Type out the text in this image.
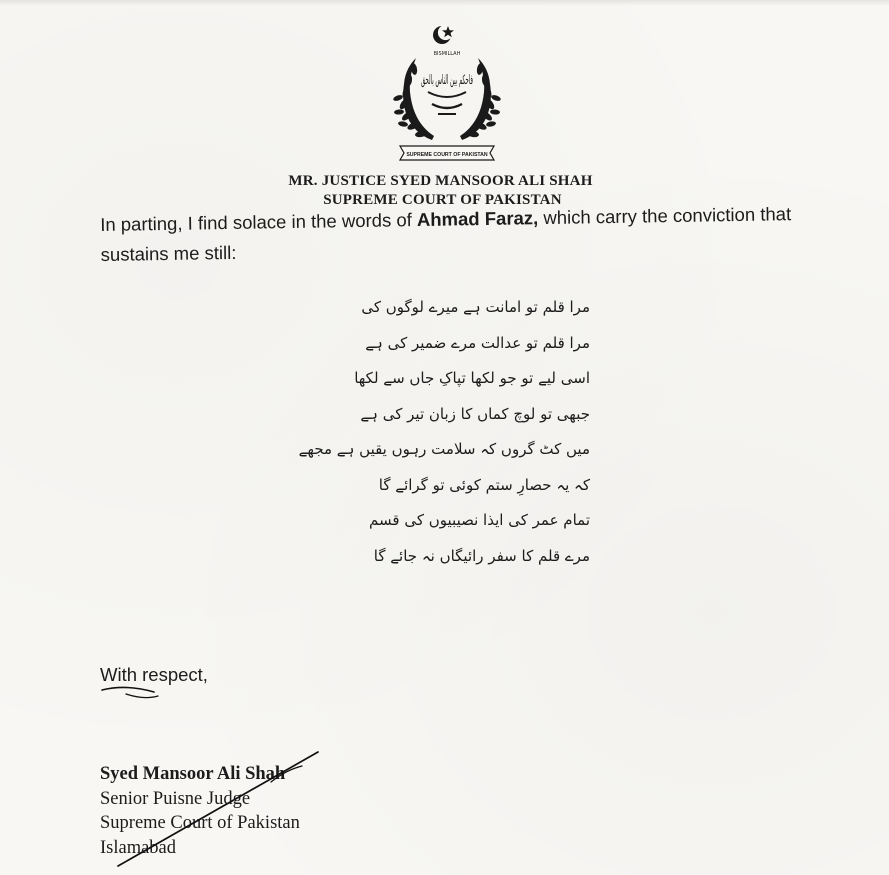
BISMILLAH
فاحکم بین الناس بالحق
SUPREME COURT OF PAKISTAN
MR. JUSTICE SYED MANSOOR ALI SHAH
SUPREME COURT OF PAKISTAN
In parting, I find solace in the words of Ahmad Faraz, which carry the conviction that sustains me still:
مرا قلم تو امانت ہے میرے لوگوں کی
مرا قلم تو عدالت مرے ضمیر کی ہے
اسی لیے تو جو لکھا تپاکِ جاں سے لکھا
جبھی تو لوچ کماں کا زبان تیر کی ہے
میں کٹ گروں کہ سلامت رہوں یقیں ہے مجھے
کہ یہ حصارِ ستم کوئی تو گرائے گا
تمام عمر کی ایذا نصیبیوں کی قسم
مرے قلم کا سفر رائیگاں نہ جائے گا
With respect,
Syed Mansoor Ali Shah
Senior Puisne Judge
Supreme Court of Pakistan
Islamabad
